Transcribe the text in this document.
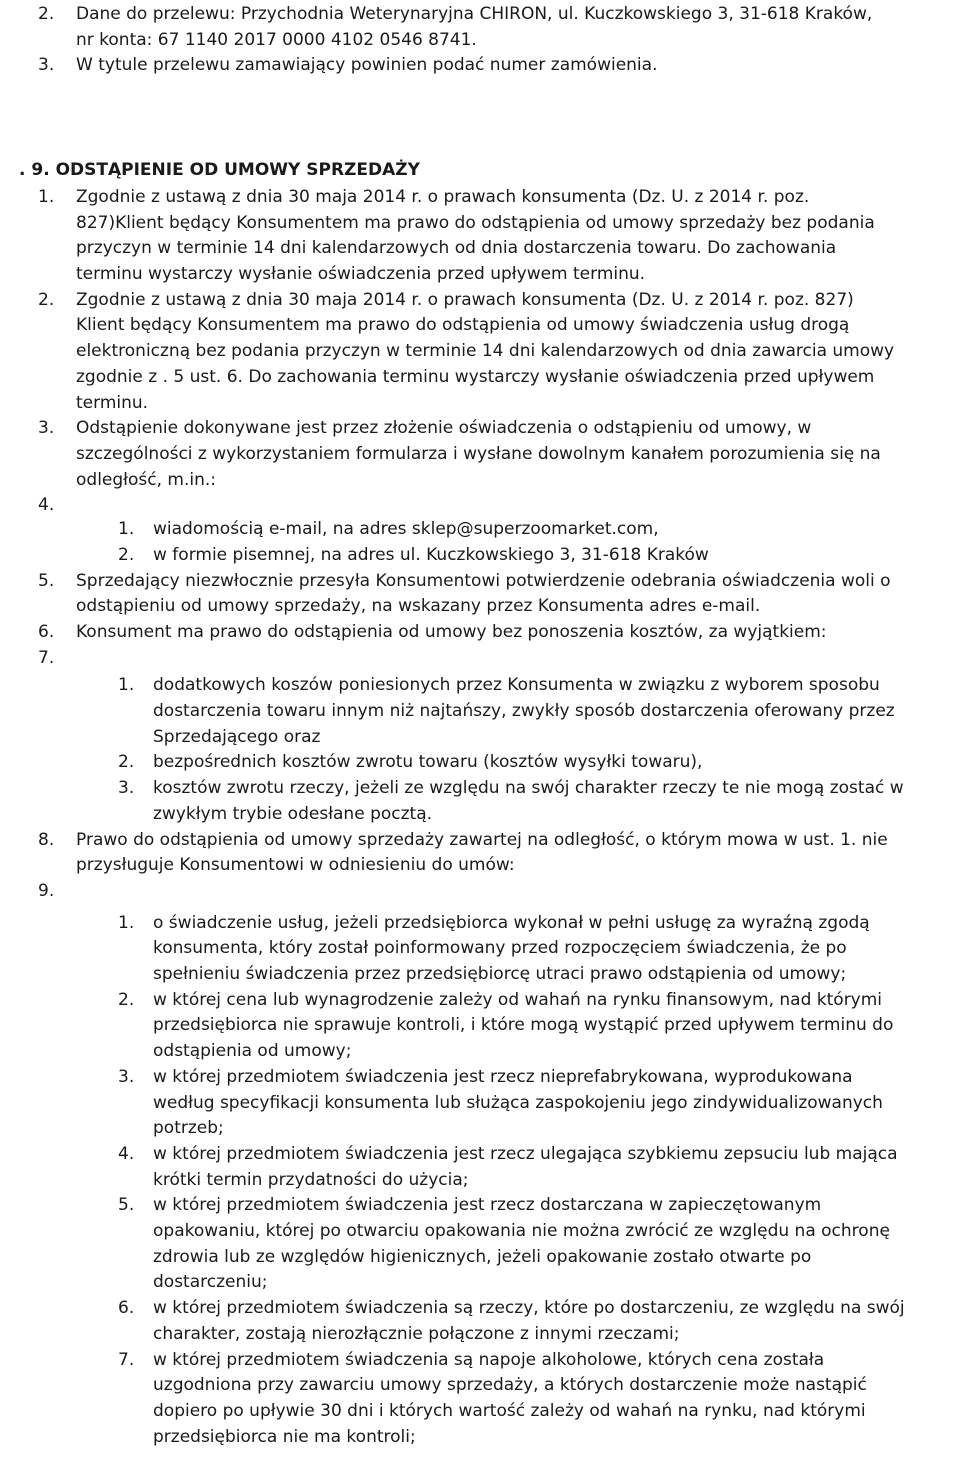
2. Dane do przelewu: Przychodnia Weterynaryjna CHIRON, ul. Kuczkowskiego 3, 31-618 Kraków,
nr konta: 67 1140 2017 0000 4102 0546 8741.
3. W tytule przelewu zamawiający powinien podać numer zamówienia.
. 9. ODSTĄPIENIE OD UMOWY SPRZEDAŻY
1. Zgodnie z ustawą z dnia 30 maja 2014 r. o prawach konsumenta (Dz. U. z 2014 r. poz.
827)Klient będący Konsumentem ma prawo do odstąpienia od umowy sprzedaży bez podania
przyczyn w terminie 14 dni kalendarzowych od dnia dostarczenia towaru. Do zachowania
terminu wystarczy wysłanie oświadczenia przed upływem terminu.
2. Zgodnie z ustawą z dnia 30 maja 2014 r. o prawach konsumenta (Dz. U. z 2014 r. poz. 827)
Klient będący Konsumentem ma prawo do odstąpienia od umowy świadczenia usług drogą
elektroniczną bez podania przyczyn w terminie 14 dni kalendarzowych od dnia zawarcia umowy
zgodnie z . 5 ust. 6. Do zachowania terminu wystarczy wysłanie oświadczenia przed upływem
terminu.
3. Odstąpienie dokonywane jest przez złożenie oświadczenia o odstąpieniu od umowy, w
szczególności z wykorzystaniem formularza i wysłane dowolnym kanałem porozumienia się na
odległość, m.in.:
4.
1. wiadomością e-mail, na adres sklep@superzoomarket.com,
2. w formie pisemnej, na adres ul. Kuczkowskiego 3, 31-618 Kraków
5. Sprzedający niezwłocznie przesyła Konsumentowi potwierdzenie odebrania oświadczenia woli o
odstąpieniu od umowy sprzedaży, na wskazany przez Konsumenta adres e-mail.
6. Konsument ma prawo do odstąpienia od umowy bez ponoszenia kosztów, za wyjątkiem:
7.
1. dodatkowych koszów poniesionych przez Konsumenta w związku z wyborem sposobu
dostarczenia towaru innym niż najtańszy, zwykły sposób dostarczenia oferowany przez
Sprzedającego oraz
2. bezpośrednich kosztów zwrotu towaru (kosztów wysyłki towaru),
3. kosztów zwrotu rzeczy, jeżeli ze względu na swój charakter rzeczy te nie mogą zostać w
zwykłym trybie odesłane pocztą.
8. Prawo do odstąpienia od umowy sprzedaży zawartej na odległość, o którym mowa w ust. 1. nie
przysługuje Konsumentowi w odniesieniu do umów:
9.
1. o świadczenie usług, jeżeli przedsiębiorca wykonał w pełni usługę za wyraźną zgodą
konsumenta, który został poinformowany przed rozpoczęciem świadczenia, że po
spełnieniu świadczenia przez przedsiębiorcę utraci prawo odstąpienia od umowy;
2. w której cena lub wynagrodzenie zależy od wahań na rynku finansowym, nad którymi
przedsiębiorca nie sprawuje kontroli, i które mogą wystąpić przed upływem terminu do
odstąpienia od umowy;
3. w której przedmiotem świadczenia jest rzecz nieprefabrykowana, wyprodukowana
według specyfikacji konsumenta lub służąca zaspokojeniu jego zindywidualizowanych
potrzeb;
4. w której przedmiotem świadczenia jest rzecz ulegająca szybkiemu zepsuciu lub mająca
krótki termin przydatności do użycia;
5. w której przedmiotem świadczenia jest rzecz dostarczana w zapieczętowanym
opakowaniu, której po otwarciu opakowania nie można zwrócić ze względu na ochronę
zdrowia lub ze względów higienicznych, jeżeli opakowanie zostało otwarte po
dostarczeniu;
6. w której przedmiotem świadczenia są rzeczy, które po dostarczeniu, ze względu na swój
charakter, zostają nierozłącznie połączone z innymi rzeczami;
7. w której przedmiotem świadczenia są napoje alkoholowe, których cena została
uzgodniona przy zawarciu umowy sprzedaży, a których dostarczenie może nastąpić
dopiero po upływie 30 dni i których wartość zależy od wahań na rynku, nad którymi
przedsiębiorca nie ma kontroli;
